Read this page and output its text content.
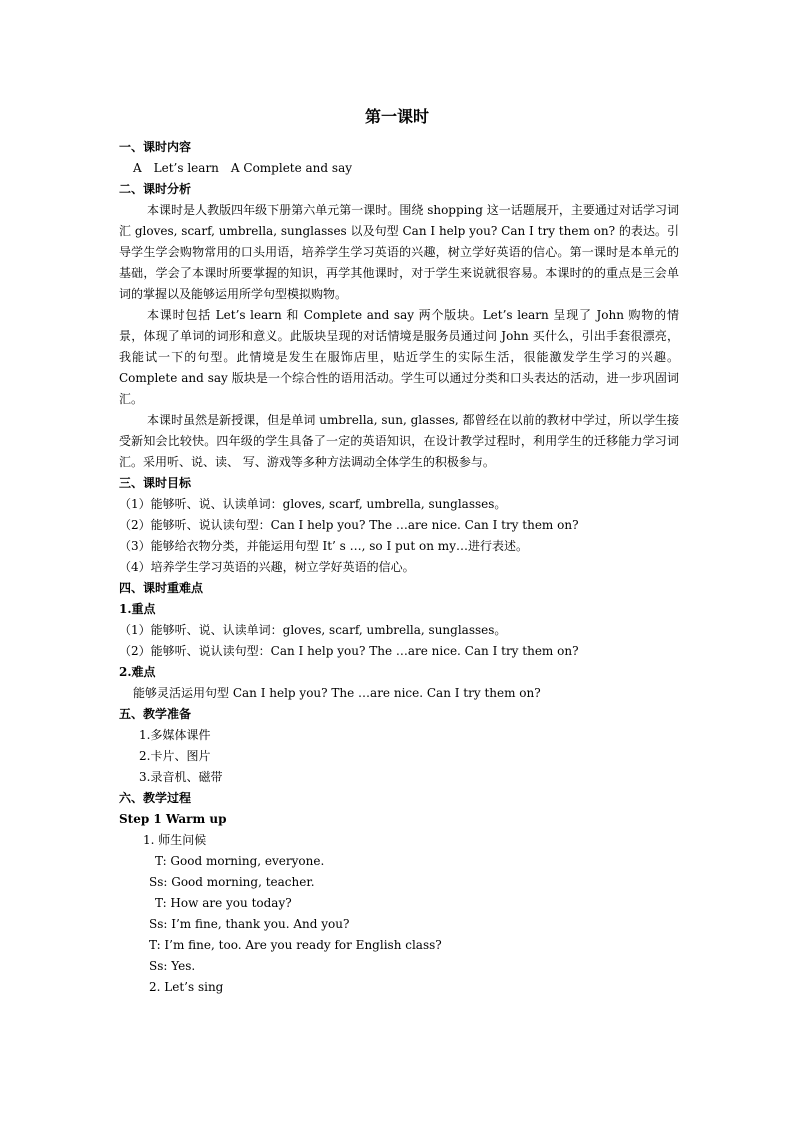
第一课时
一、课时内容
A　Let’s learn　A Complete and say
二、课时分析
本课时是人教版四年级下册第六单元第一课时。围绕 shopping 这一话题展开，主要通过对话学习词汇 gloves, scarf, umbrella, sunglasses 以及句型 Can I help you? Can I try them on? 的表达。引导学生学会购物常用的口头用语，培养学生学习英语的兴趣，树立学好英语的信心。第一课时是本单元的基础，学会了本课时所要掌握的知识，再学其他课时，对于学生来说就很容易。本课时的的重点是三会单词的掌握以及能够运用所学句型模拟购物。
本课时包括 Let’s learn 和 Complete and say 两个版块。Let’s learn 呈现了 John 购物的情景，体现了单词的词形和意义。此版块呈现的对话情境是服务员通过问 John 买什么，引出手套很漂亮，我能试一下的句型。此情境是发生在服饰店里，贴近学生的实际生活，很能激发学生学习的兴趣。Complete and say 版块是一个综合性的语用活动。学生可以通过分类和口头表达的活动，进一步巩固词汇。
本课时虽然是新授课，但是单词 umbrella, sun, glasses, 都曾经在以前的教材中学过，所以学生接受新知会比较快。四年级的学生具备了一定的英语知识，在设计教学过程时，利用学生的迁移能力学习词汇。采用听、说、读、 写、游戏等多种方法调动全体学生的积极参与。
三、课时目标
（1）能够听、说、认读单词：gloves, scarf, umbrella, sunglasses。
（2）能够听、说认读句型：Can I help you? The …are nice. Can I try them on?
（3）能够给衣物分类，并能运用句型 It’ s …, so I put on my…进行表述。
（4）培养学生学习英语的兴趣，树立学好英语的信心。
四、课时重难点
1.重点
（1）能够听、说、认读单词：gloves, scarf, umbrella, sunglasses。
（2）能够听、说认读句型：Can I help you? The …are nice. Can I try them on?
2.难点
能够灵活运用句型 Can I help you? The …are nice. Can I try them on?
五、教学准备
1.多媒体课件
2.卡片、图片
3.录音机、磁带
六、教学过程
Step 1 Warm up
1. 师生问候
T: Good morning, everyone.
Ss: Good morning, teacher.
T: How are you today?
Ss: I’m fine, thank you. And you?
T: I’m fine, too. Are you ready for English class?
Ss: Yes.
2. Let’s sing
